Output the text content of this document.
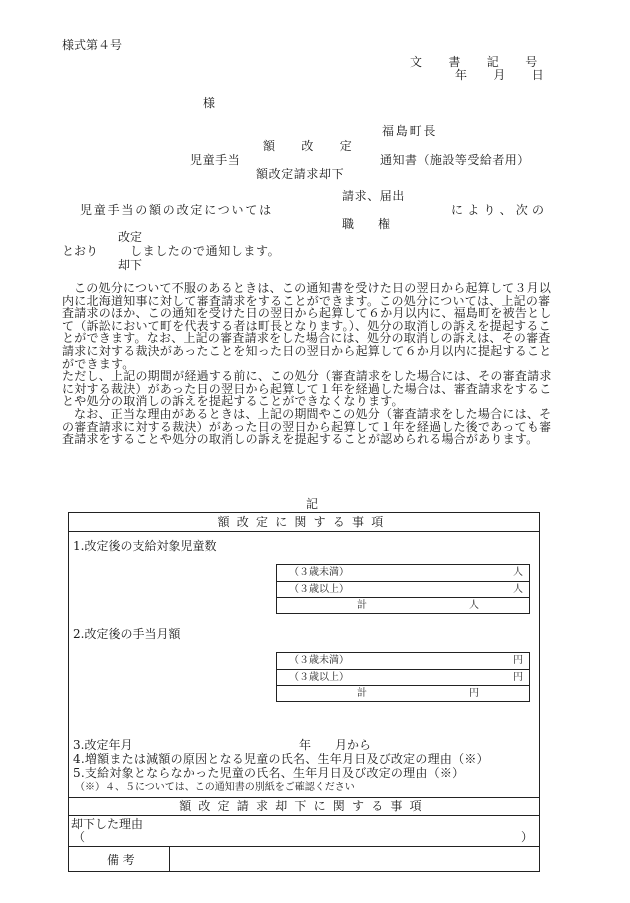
様式第４号
文　書　記　号
年　月　日
様
福島町長
額　改　定
児童手当	通知書（施設等受給者用）
額改定請求却下
請求、届出
児童手当の額の改定については	により、次の
職　　権
改定
とおり	しましたので通知します。
却下

この処分について不服のあるときは、この通知書を受けた日の翌日から起算して３月以内に北海道知事に対して審査請求をすることができます。この処分については、上記の審査請求のほか、この通知を受けた日の翌日から起算して６か月以内に、福島町を被告として（訴訟において町を代表する者は町長となります。）、処分の取消しの訴えを提起することができます。なお、上記の審査請求をした場合には、処分の取消しの訴えは、その審査請求に対する裁決があったことを知った日の翌日から起算して６か月以内に提起することができます。

ただし、上記の期間が経過する前に、この処分（審査請求をした場合には、その審査請求に対する裁決）があった日の翌日から起算して１年を経過した場合は、審査請求をすることや処分の取消しの訴えを提起することができなくなります。

なお、正当な理由があるときは、上記の期間やこの処分（審査請求をした場合には、その審査請求に対する裁決）があった日の翌日から起算して１年を経過した後であっても審査請求をすることや処分の取消しの訴えを提起することが認められる場合があります。

記
額改定に関する事項
1.改定後の支給対象児童数
（３歳未満）	人
（３歳以上）	人
計	人
2.改定後の手当月額
（３歳未満）	円
（３歳以上）	円
計	円
3.改定年月	年　　月から
4.増額または減額の原因となる児童の氏名、生年月日及び改定の理由（※）
5.支給対象とならなかった児童の氏名、生年月日及び改定の理由（※）
（※）４、５については、この通知書の別紙をご確認ください
額改定請求却下に関する事項
却下した理由
（	）
備考
